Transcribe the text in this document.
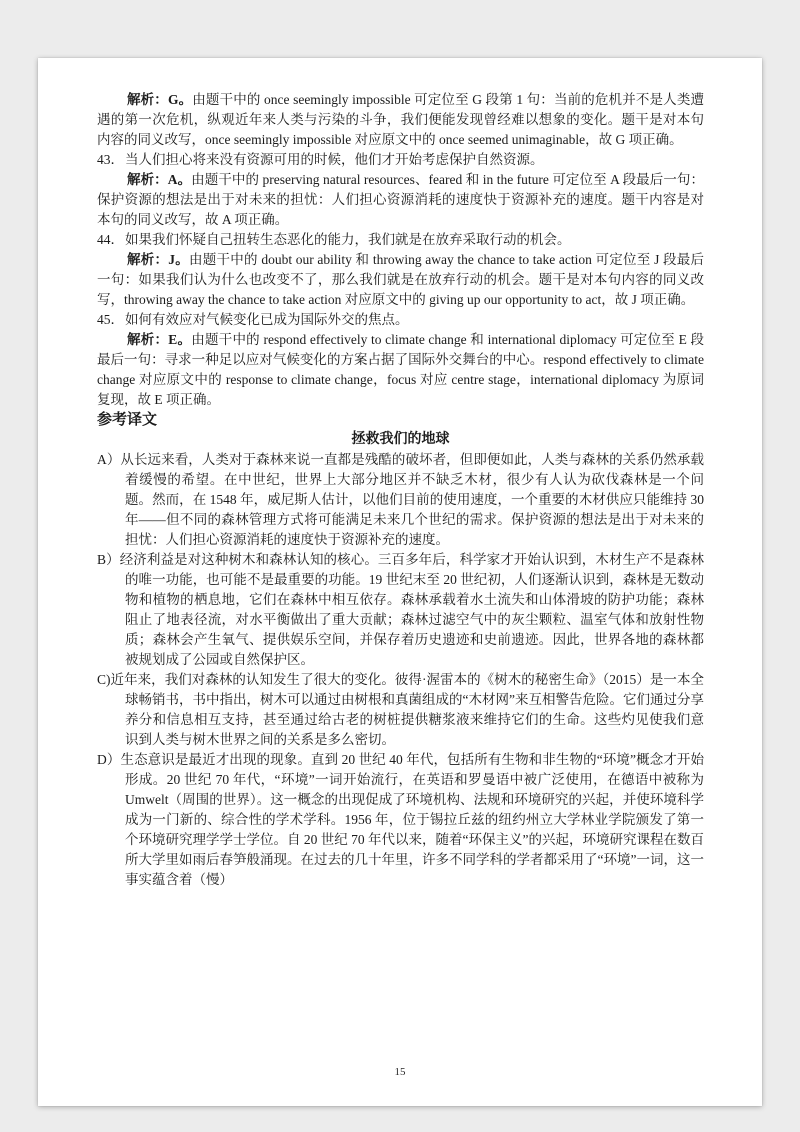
解析：G。由题干中的 once seemingly impossible 可定位至 G 段第 1 句：当前的危机并不是人类遭遇的第一次危机，纵观近年来人类与污染的斗争，我们便能发现曾经难以想象的变化。题干是对本句内容的同义改写，once seemingly impossible 对应原文中的 once seemed unimaginable，故 G 项正确。

43．当人们担心将来没有资源可用的时候，他们才开始考虑保护自然资源。

解析：A。由题干中的 preserving natural resources、feared 和 in the future 可定位至 A 段最后一句：保护资源的想法是出于对未来的担忧：人们担心资源消耗的速度快于资源补充的速度。题干内容是对本句的同义改写，故 A 项正确。

44．如果我们怀疑自己扭转生态恶化的能力，我们就是在放弃采取行动的机会。

解析：J。由题干中的 doubt our ability 和 throwing away the chance to take action 可定位至 J 段最后一句：如果我们认为什么也改变不了，那么我们就是在放弃行动的机会。题干是对本句内容的同义改写，throwing away the chance to take action 对应原文中的 giving up our opportunity to act，故 J 项正确。

45．如何有效应对气候变化已成为国际外交的焦点。

解析：E。由题干中的 respond effectively to climate change 和 international diplomacy 可定位至 E 段最后一句：寻求一种足以应对气候变化的方案占据了国际外交舞台的中心。respond effectively to climate change 对应原文中的 response to climate change，focus 对应 centre stage，international diplomacy 为原词复现，故 E 项正确。

参考译文

拯救我们的地球

A）从长远来看，人类对于森林来说一直都是残酷的破坏者，但即便如此，人类与森林的关系仍然承载着缓慢的希望。在中世纪，世界上大部分地区并不缺乏木材，很少有人认为砍伐森林是一个问题。然而，在 1548 年，威尼斯人估计，以他们目前的使用速度，一个重要的木材供应只能维持 30 年——但不同的森林管理方式将可能满足未来几个世纪的需求。保护资源的想法是出于对未来的担忧：人们担心资源消耗的速度快于资源补充的速度。

B）经济利益是对这种树木和森林认知的核心。三百多年后，科学家才开始认识到，木材生产不是森林的唯一功能，也可能不是最重要的功能。19 世纪末至 20 世纪初，人们逐渐认识到，森林是无数动物和植物的栖息地，它们在森林中相互依存。森林承载着水土流失和山体滑坡的防护功能；森林阻止了地表径流，对水平衡做出了重大贡献；森林过滤空气中的灰尘颗粒、温室气体和放射性物质；森林会产生氧气、提供娱乐空间，并保存着历史遗迹和史前遗迹。因此，世界各地的森林都被规划成了公园或自然保护区。

C)近年来，我们对森林的认知发生了很大的变化。彼得·渥雷本的《树木的秘密生命》（2015）是一本全球畅销书，书中指出，树木可以通过由树根和真菌组成的“木材网”来互相警告危险。它们通过分享养分和信息相互支持，甚至通过给古老的树桩提供糖浆液来维持它们的生命。这些灼见使我们意识到人类与树木世界之间的关系是多么密切。

D）生态意识是最近才出现的现象。直到 20 世纪 40 年代，包括所有生物和非生物的“环境”概念才开始形成。20 世纪 70 年代，“环境”一词开始流行，在英语和罗曼语中被广泛使用，在德语中被称为 Umwelt（周围的世界）。这一概念的出现促成了环境机构、法规和环境研究的兴起，并使环境科学成为一门新的、综合性的学术学科。1956 年，位于锡拉丘兹的纽约州立大学林业学院颁发了第一个环境研究理学学士学位。自 20 世纪 70 年代以来，随着“环保主义”的兴起，环境研究课程在数百所大学里如雨后春笋般涌现。在过去的几十年里，许多不同学科的学者都采用了“环境”一词，这一事实蕴含着（慢）

15
